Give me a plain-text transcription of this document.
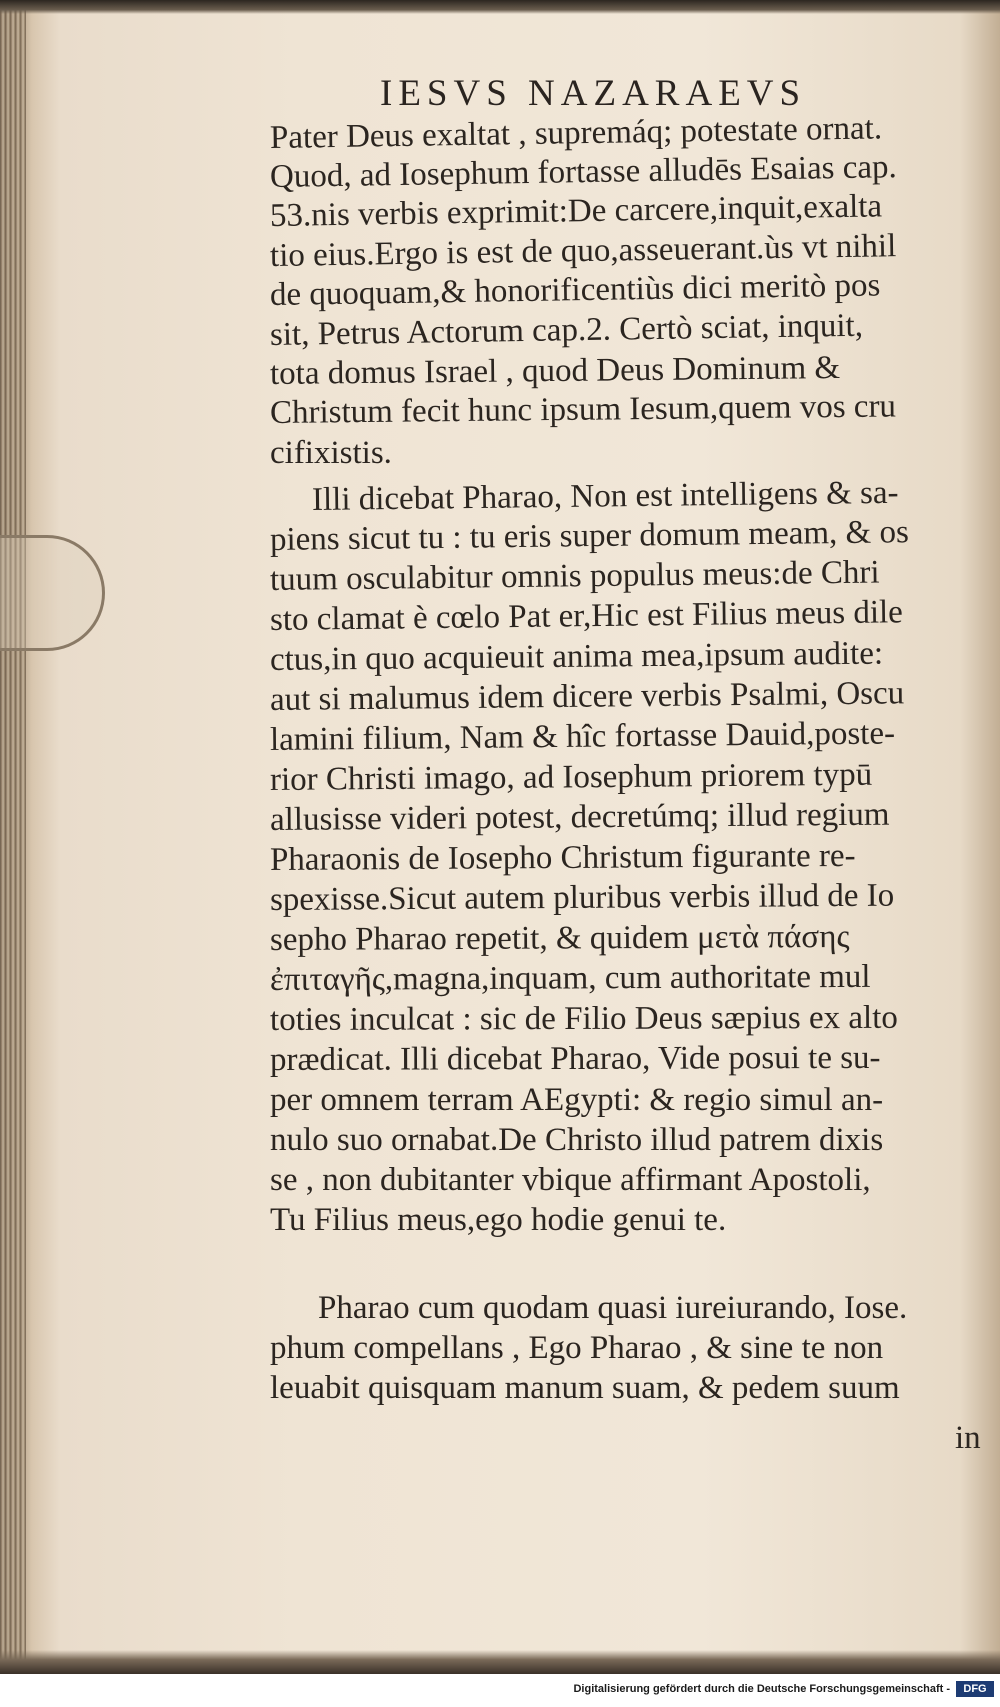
IESVS NAZARAEVS
Pater Deus exaltat , supremáq; potestate ornat.
Quod, ad Iosephum fortasse alludēs Esaias cap.
53.nis verbis exprimit:De carcere,inquit,exalta
tio eius.Ergo is est de quo,asseuerant.ùs vt nihil
de quoquam,& honorificentiùs dici meritò pos
sit, Petrus Actorum cap.2. Certò sciat, inquit,
tota domus Israel , quod Deus Dominum &
Christum fecit hunc ipsum Iesum,quem vos cru
cifixistis.
Illi dicebat Pharao, Non est intelligens & sa-
piens sicut tu : tu eris super domum meam, & os
tuum osculabitur omnis populus meus:de Chri
sto clamat è cœlo Pat er,Hic est Filius meus dile
ctus,in quo acquieuit anima mea,ipsum audite:
aut si malumus idem dicere verbis Psalmi, Oscu
lamini filium, Nam & hîc fortasse Dauid,poste-
rior Christi imago, ad Iosephum priorem typū
allusisse videri potest, decretúmq; illud regium
Pharaonis de Iosepho Christum figurante re-
spexisse.Sicut autem pluribus verbis illud de Io
sepho Pharao repetit, & quidem μετὰ πάσης
ἐπιταγῆς,magna,inquam, cum authoritate mul
toties inculcat : sic de Filio Deus sæpius ex alto
prædicat. Illi dicebat Pharao, Vide posui te su-
per omnem terram AEgypti: & regio simul an-
nulo suo ornabat.De Christo illud patrem dixis
se , non dubitanter vbique affirmant Apostoli,
Tu Filius meus,ego hodie genui te.
Pharao cum quodam quasi iureiurando, Iose.
phum compellans , Ego Pharao , & sine te non
leuabit quisquam manum suam, & pedem suum
in
Digitalisierung gefördert durch die Deutsche Forschungsgemeinschaft -	DFG
